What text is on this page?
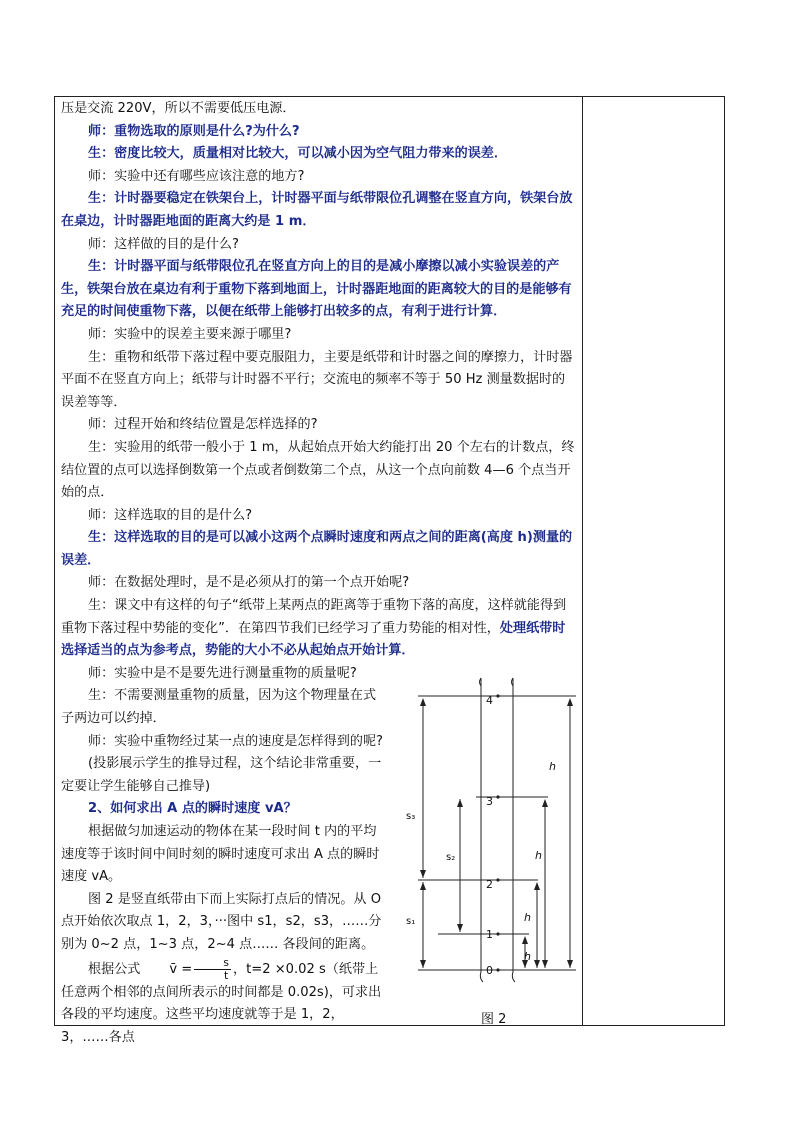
压是交流 220V，所以不需要低压电源．

师：重物选取的原则是什么?为什么?

生：密度比较大，质量相对比较大，可以减小因为空气阻力带来的误差．

师：实验中还有哪些应该注意的地方?

生：计时器要稳定在铁架台上，计时器平面与纸带限位孔调整在竖直方向，铁架台放在桌边，计时器距地面的距离大约是 1 m．

师：这样做的目的是什么?

生：计时器平面与纸带限位孔在竖直方向上的目的是减小摩擦以减小实验误差的产生，铁架台放在桌边有利于重物下落到地面上，计时器距地面的距离较大的目的是能够有充足的时间使重物下落，以便在纸带上能够打出较多的点，有利于进行计算．

师：实验中的误差主要来源于哪里?

生：重物和纸带下落过程中要克服阻力，主要是纸带和计时器之间的摩擦力，计时器平面不在竖直方向上；纸带与计时器不平行；交流电的频率不等于 50 Hz 测量数据时的误差等等．

师：过程开始和终结位置是怎样选择的?

生：实验用的纸带一般小于 1 m，从起始点开始大约能打出 20 个左右的计数点，终结位置的点可以选择倒数第一个点或者倒数第二个点，从这一个点向前数 4—6 个点当开始的点．

师：这样选取的目的是什么?

生：这样选取的目的是可以减小这两个点瞬时速度和两点之间的距离(高度 h)测量的误差．

师：在数据处理时，是不是必须从打的第一个点开始呢?

生：课文中有这样的句子“纸带上某两点的距离等于重物下落的高度，这样就能得到重物下落过程中势能的变化”．在第四节我们已经学习了重力势能的相对性，处理纸带时选择适当的点为参考点，势能的大小不必从起始点开始计算．

师：实验中是不是要先进行测量重物的质量呢?

生：不需要测量重物的质量，因为这个物理量在式子两边可以约掉．

师：实验中重物经过某一点的速度是怎样得到的呢?

(投影展示学生的推导过程，这个结论非常重要，一定要让学生能够自己推导)

2、如何求出 A 点的瞬时速度 vA？

根据做匀加速运动的物体在某一段时间 t 内的平均速度等于该时间中间时刻的瞬时速度可求出 A 点的瞬时速度 vA。

图 2 是竖直纸带由下而上实际打点后的情况。从 O 点开始依次取点 1，2，3，···图中 s1，s2，s3，……分别为 0~2 点，1~3 点，2~4 点…… 各段间的距离。

根据公式 v̄ = $\frac{s}{t}$ ，t=2 ×0.02 s（纸带上任意两个相邻的点间所表示的时间都是 0.02s)，可求出各段的平均速度。这些平均速度就等于是 1，2，3，……各点

4
3
2
1
0
s₃
s₂
s₁
h
h
h
h
图 2
